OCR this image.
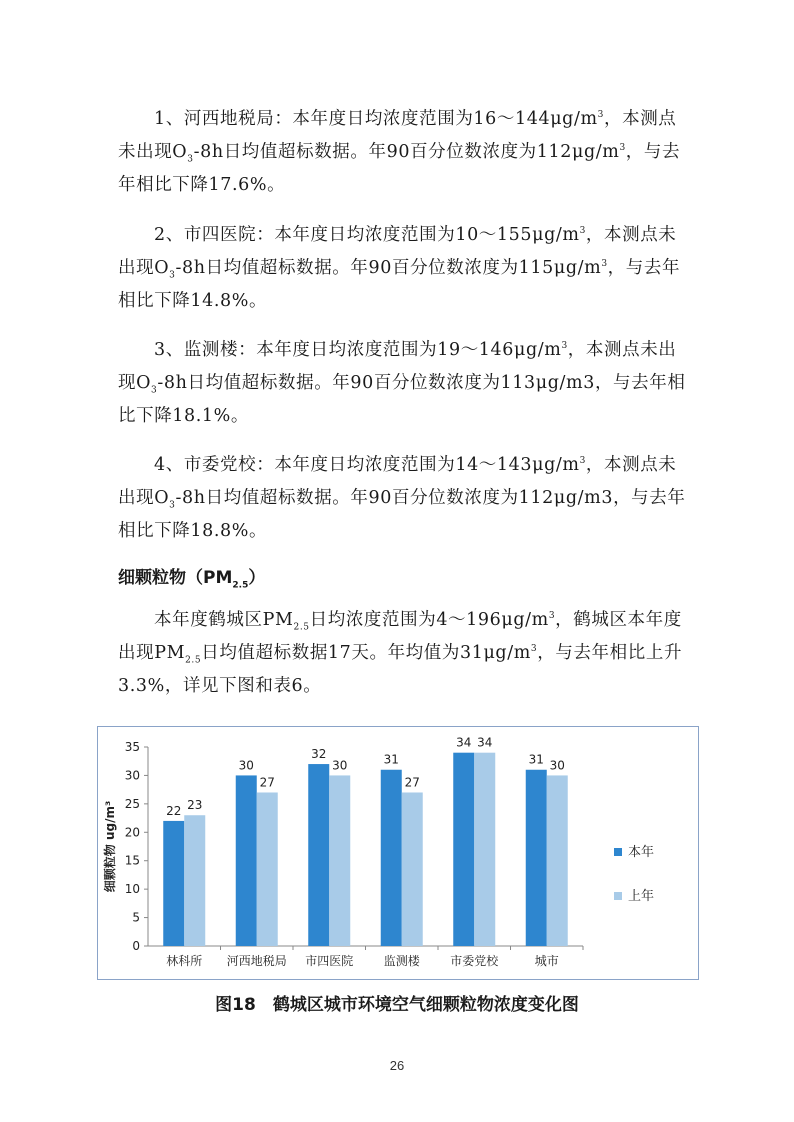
1、河西地税局：本年度日均浓度范围为$16\sim 144\mu g/m^3$，本测点未出现$O_3-8h$日均值超标数据。年90百分位数浓度为$112\mu g/m^3$，与去年相比下降17.6%。

2、市四医院：本年度日均浓度范围为$10\sim 155\mu g/m^3$，本测点未出现$O_3-8h$日均值超标数据。年90百分位数浓度为$115\mu g/m^3$，与去年相比下降14.8%。

3、监测楼：本年度日均浓度范围为$19\sim 146\mu g/m^3$，本测点未出现$O_3-8h$日均值超标数据。年90百分位数浓度为113μg/m3，与去年相比下降18.1%。

4、市委党校：本年度日均浓度范围为$14\sim 143\mu g/m^3$，本测点未出现$O_3-8h$日均值超标数据。年90百分位数浓度为112μg/m3，与去年相比下降18.8%。

细颗粒物$(PM_{2.5})$

本年度鹤城区$PM_{2.5}$日均浓度范围为$4\sim 196\mu g/m^3$，鹤城区本年度出现$PM_{2.5}$日均值超标数据17天。年均值为$31\mu g/m^3$，与去年相比上升3.3%，详见下图和表6。

细颗粒物 ug/m³
0
5
10
15
20
25
30
35
22 23
30
27
32
30	31
27
34 34
31 30
林科所 河西地税局 市四医院	监测楼	市委党校	城市
本年
上年
图18　鹤城区城市环境空气细颗粒物浓度变化图
26
